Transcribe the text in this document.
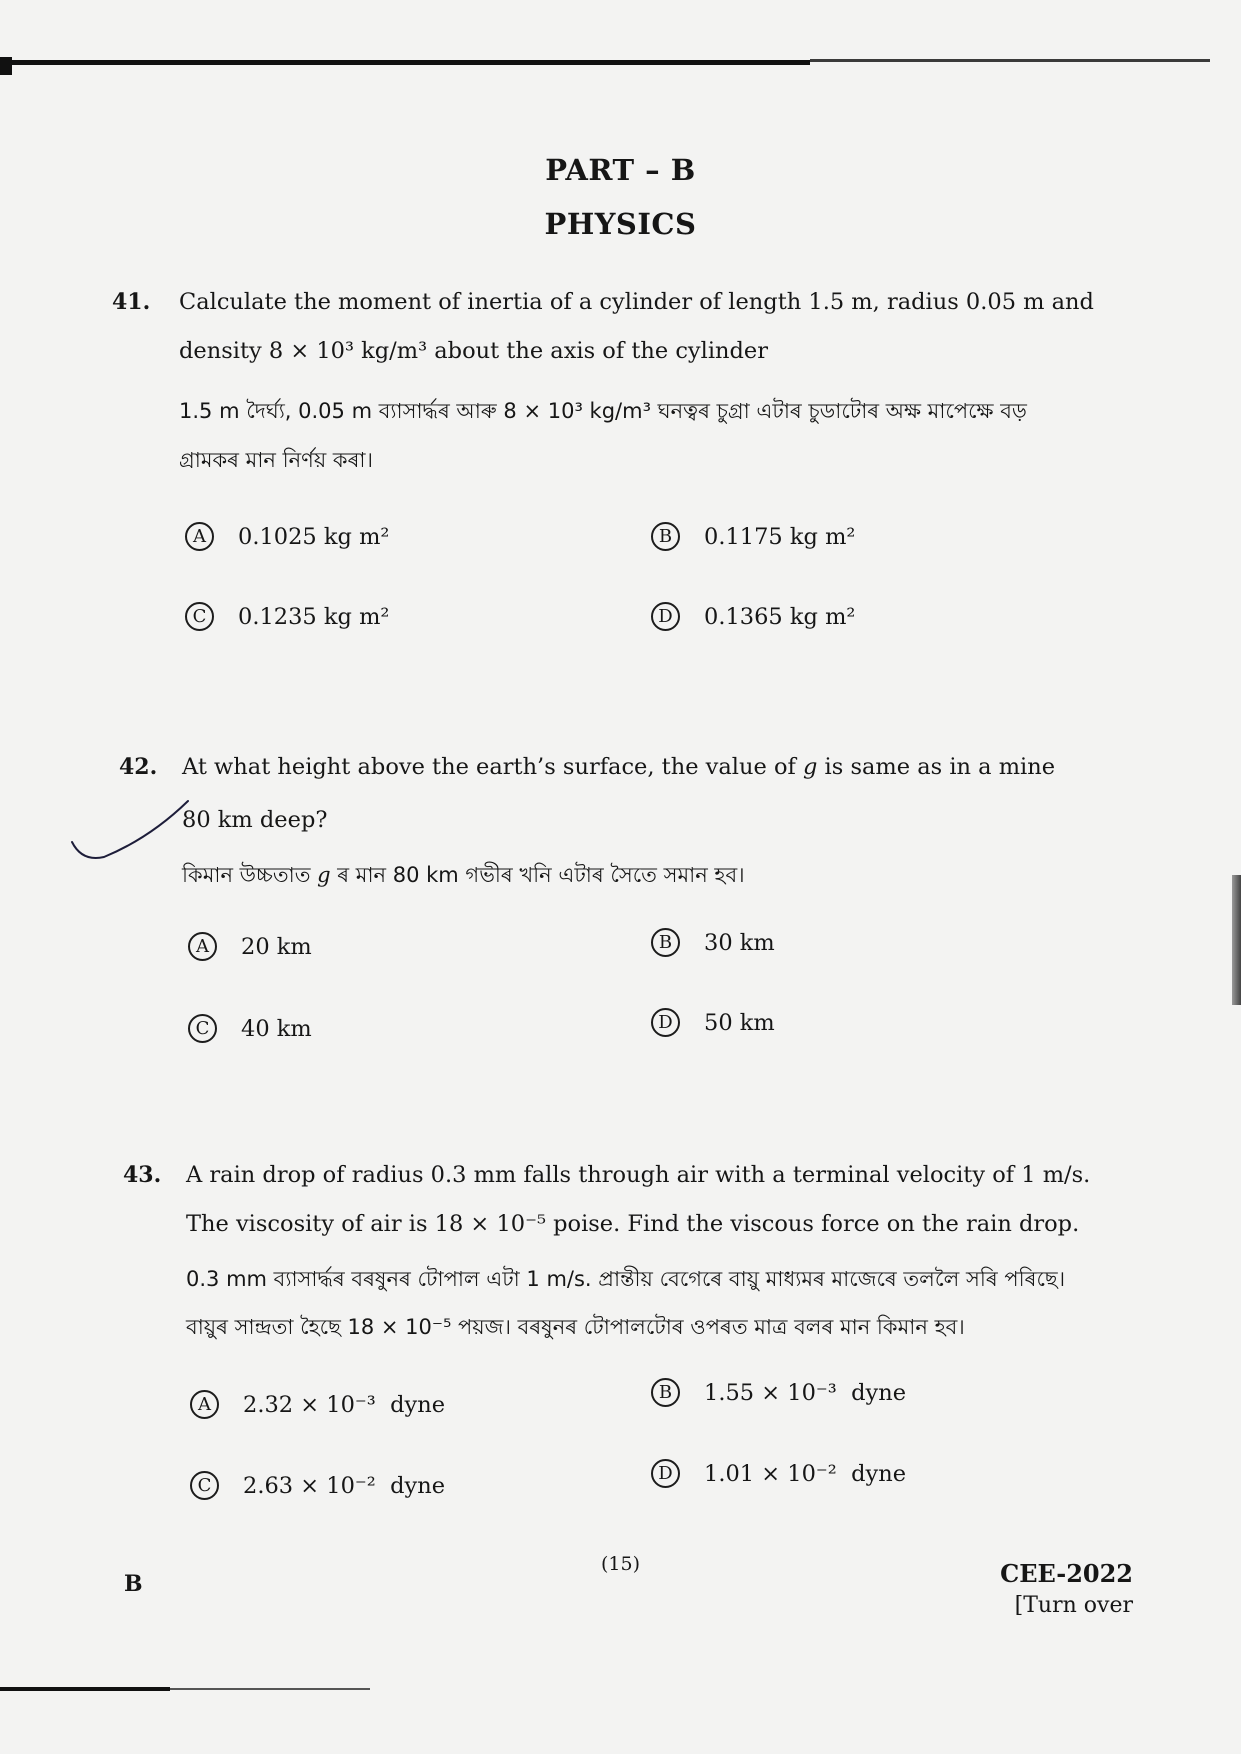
PART – B
PHYSICS
41. Calculate the moment of inertia of a cylinder of length 1.5 m, radius 0.05 m and
density 8 × 10³ kg/m³ about the axis of the cylinder
1.5 m দৈর্ঘ্য, 0.05 m ব্যাসার্দ্ধৰ আৰু 8 × 10³ kg/m³ ঘনত্বৰ চুগ্রা এটাৰ চুডাটোৰ অক্ষ মাপেক্ষে বড়
গ্রামকৰ মান নির্ণয় কৰা।
A	0.1025 kg m²	B	0.1175 kg m²
C	0.1235 kg m²	D	0.1365 kg m²
42. At what height above the earth’s surface, the value of g is same as in a mine
80 km deep?
কিমান উচ্চতাত g ৰ মান 80 km গভীৰ খনি এটাৰ সৈতে সমান হব।
A	20 km	B	30 km
C	40 km	D	50 km
43. A rain drop of radius 0.3 mm falls through air with a terminal velocity of 1 m/s.
The viscosity of air is 18 × 10⁻⁵ poise. Find the viscous force on the rain drop.
0.3 mm ব্যাসার্দ্ধৰ বৰষুনৰ টোপাল এটা 1 m/s. প্রান্তীয় বেগেৰে বায়ু মাধ্যমৰ মাজেৰে তললৈ সৰি পৰিছে।
বায়ুৰ সান্দ্রতা হৈছে 18 × 10⁻⁵ পয়জ। বৰষুনৰ টোপালটোৰ ওপৰত মাত্র বলৰ মান কিমান হব।
A	2.32 × 10⁻³  dyne	B	1.55 × 10⁻³  dyne
C	2.63 × 10⁻²  dyne	D	1.01 × 10⁻²  dyne
B
(15)	CEE-2022
[Turn over
